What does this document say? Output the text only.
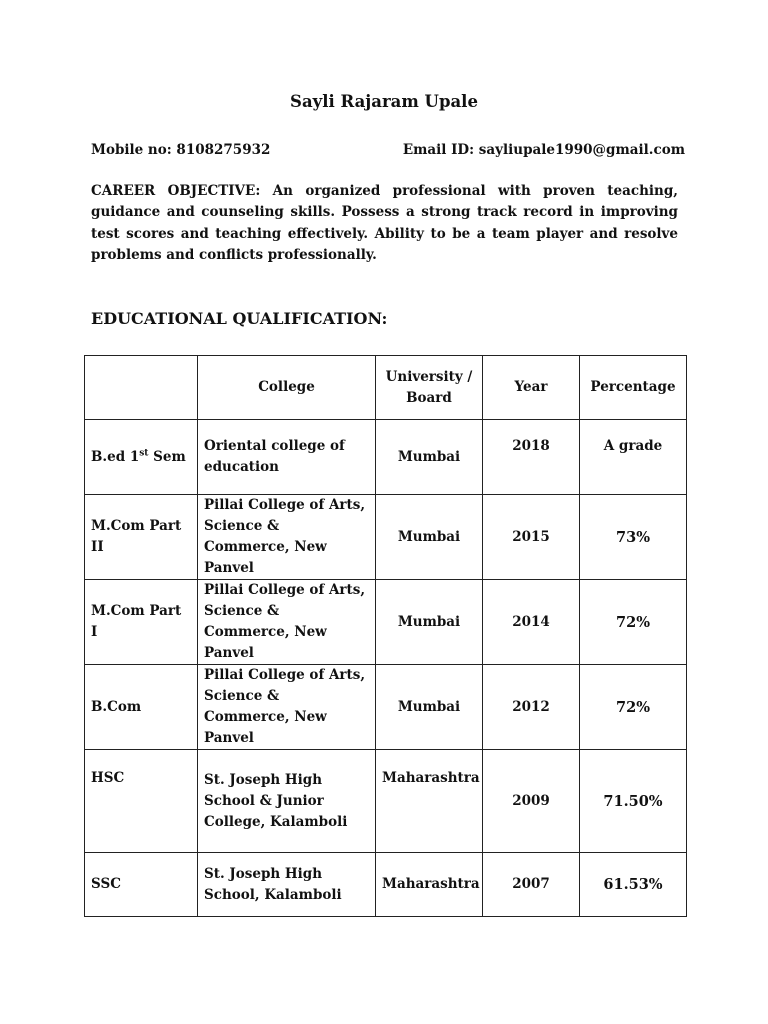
Sayli Rajaram Upale
Mobile no: 8108275932	Email ID: sayliupale1990@gmail.com

CAREER OBJECTIVE: An organized professional with proven teaching, guidance and counseling skills. Possess a strong track record in improving test scores and teaching effectively. Ability to be a team player and resolve problems and conflicts professionally.

EDUCATIONAL QUALIFICATION:
	College	University / Board	Year	Percentage
B.ed 1st Sem	Oriental college of education	Mumbai	2018	A grade
M.Com Part II	Pillai College of Arts, Science & Commerce, New Panvel	Mumbai	2015	73%
M.Com Part I	Pillai College of Arts, Science & Commerce, New Panvel	Mumbai	2014	72%
B.Com	Pillai College of Arts, Science & Commerce, New Panvel	Mumbai	2012	72%
HSC	St. Joseph High School & Junior College, Kalamboli	Maharashtra	2009	71.50%
SSC	St. Joseph High School, Kalamboli	Maharashtra	2007	61.53%
